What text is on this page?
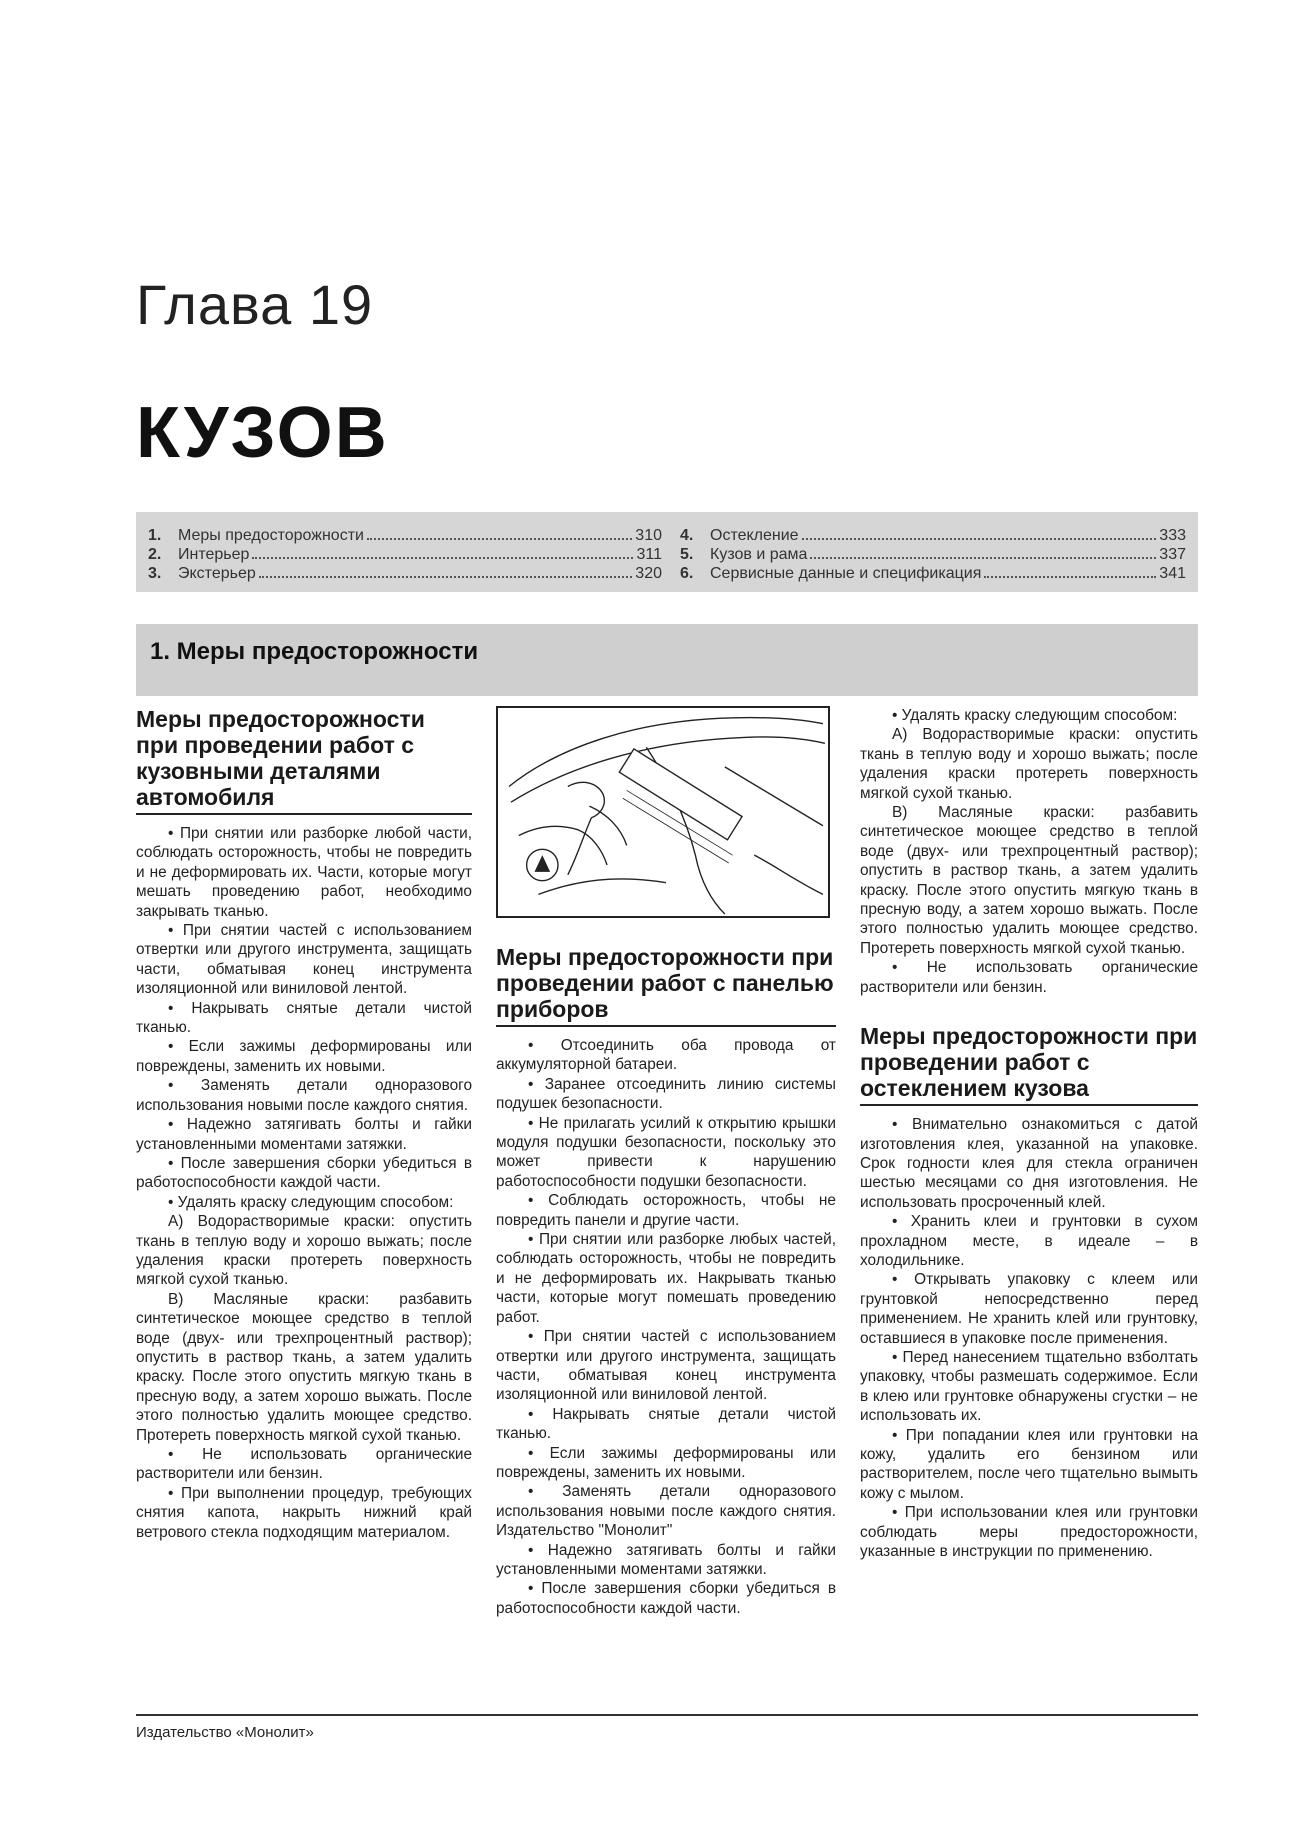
Глава 19
КУЗОВ
1.	Меры предосторожности	310
2.	Интерьер	311
3.	Экстерьер	320
4.	Остекление	333
5.	Кузов и рама	337
6.	Сервисные данные и спецификация	341
1. Меры предосторожности
Меры предосторожности при проведении работ с кузовными деталями автомобиля

• При снятии или разборке любой части, соблюдать осторожность, чтобы не повредить и не деформировать их. Части, которые могут мешать проведению работ, необходимо закрывать тканью.

• При снятии частей с использованием отвертки или другого инструмента, защищать части, обматывая конец инструмента изоляционной или виниловой лентой.

• Накрывать снятые детали чистой тканью.

• Если зажимы деформированы или повреждены, заменить их новыми.

• Заменять детали одноразового использования новыми после каждого снятия.

• Надежно затягивать болты и гайки установленными моментами затяжки.

• После завершения сборки убедиться в работоспособности каждой части.

• Удалять краску следующим способом:

А) Водорастворимые краски: опустить ткань в теплую воду и хорошо выжать; после удаления краски протереть поверхность мягкой сухой тканью.

В) Масляные краски: разбавить синтетическое моющее средство в теплой воде (двух- или трехпроцентный раствор); опустить в раствор ткань, а затем удалить краску. После этого опустить мягкую ткань в пресную воду, а затем хорошо выжать. После этого полностью удалить моющее средство. Протереть поверхность мягкой сухой тканью.

• Не использовать органические растворители или бензин.

• При выполнении процедур, требующих снятия капота, накрыть нижний край ветрового стекла подходящим материалом.

Меры предосторожности при проведении работ с панелью приборов

• Отсоединить оба провода от аккумуляторной батареи.

• Заранее отсоединить линию системы подушек безопасности.

• Не прилагать усилий к открытию крышки модуля подушки безопасности, поскольку это может привести к нарушению работоспособности подушки безопасности.

• Соблюдать осторожность, чтобы не повредить панели и другие части.

• При снятии или разборке любых частей, соблюдать осторожность, чтобы не повредить и не деформировать их. Накрывать тканью части, которые могут помешать проведению работ.

• При снятии частей с использованием отвертки или другого инструмента, защищать части, обматывая конец инструмента изоляционной или виниловой лентой.

• Накрывать снятые детали чистой тканью.

• Если зажимы деформированы или повреждены, заменить их новыми.

• Заменять детали одноразового использования новыми после каждого снятия. Издательство "Монолит"

• Надежно затягивать болты и гайки установленными моментами затяжки.

• После завершения сборки убедиться в работоспособности каждой части.

• Удалять краску следующим способом:

А) Водорастворимые краски: опустить ткань в теплую воду и хорошо выжать; после удаления краски протереть поверхность мягкой сухой тканью.

В) Масляные краски: разбавить синтетическое моющее средство в теплой воде (двух- или трехпроцентный раствор); опустить в раствор ткань, а затем удалить краску. После этого опустить мягкую ткань в пресную воду, а затем хорошо выжать. После этого полностью удалить моющее средство. Протереть поверхность мягкой сухой тканью.

• Не использовать органические растворители или бензин.

Меры предосторожности при проведении работ с остеклением кузова

• Внимательно ознакомиться с датой изготовления клея, указанной на упаковке. Срок годности клея для стекла ограничен шестью месяцами со дня изготовления. Не использовать просроченный клей.

• Хранить клеи и грунтовки в сухом прохладном месте, в идеале – в холодильнике.

• Открывать упаковку с клеем или грунтовкой непосредственно перед применением. Не хранить клей или грунтовку, оставшиеся в упаковке после применения.

• Перед нанесением тщательно взболтать упаковку, чтобы размешать содержимое. Если в клею или грунтовке обнаружены сгустки – не использовать их.

• При попадании клея или грунтовки на кожу, удалить его бензином или растворителем, после чего тщательно вымыть кожу с мылом.

• При использовании клея или грунтовки соблюдать меры предосторожности, указанные в инструкции по применению.

Издательство «Монолит»
